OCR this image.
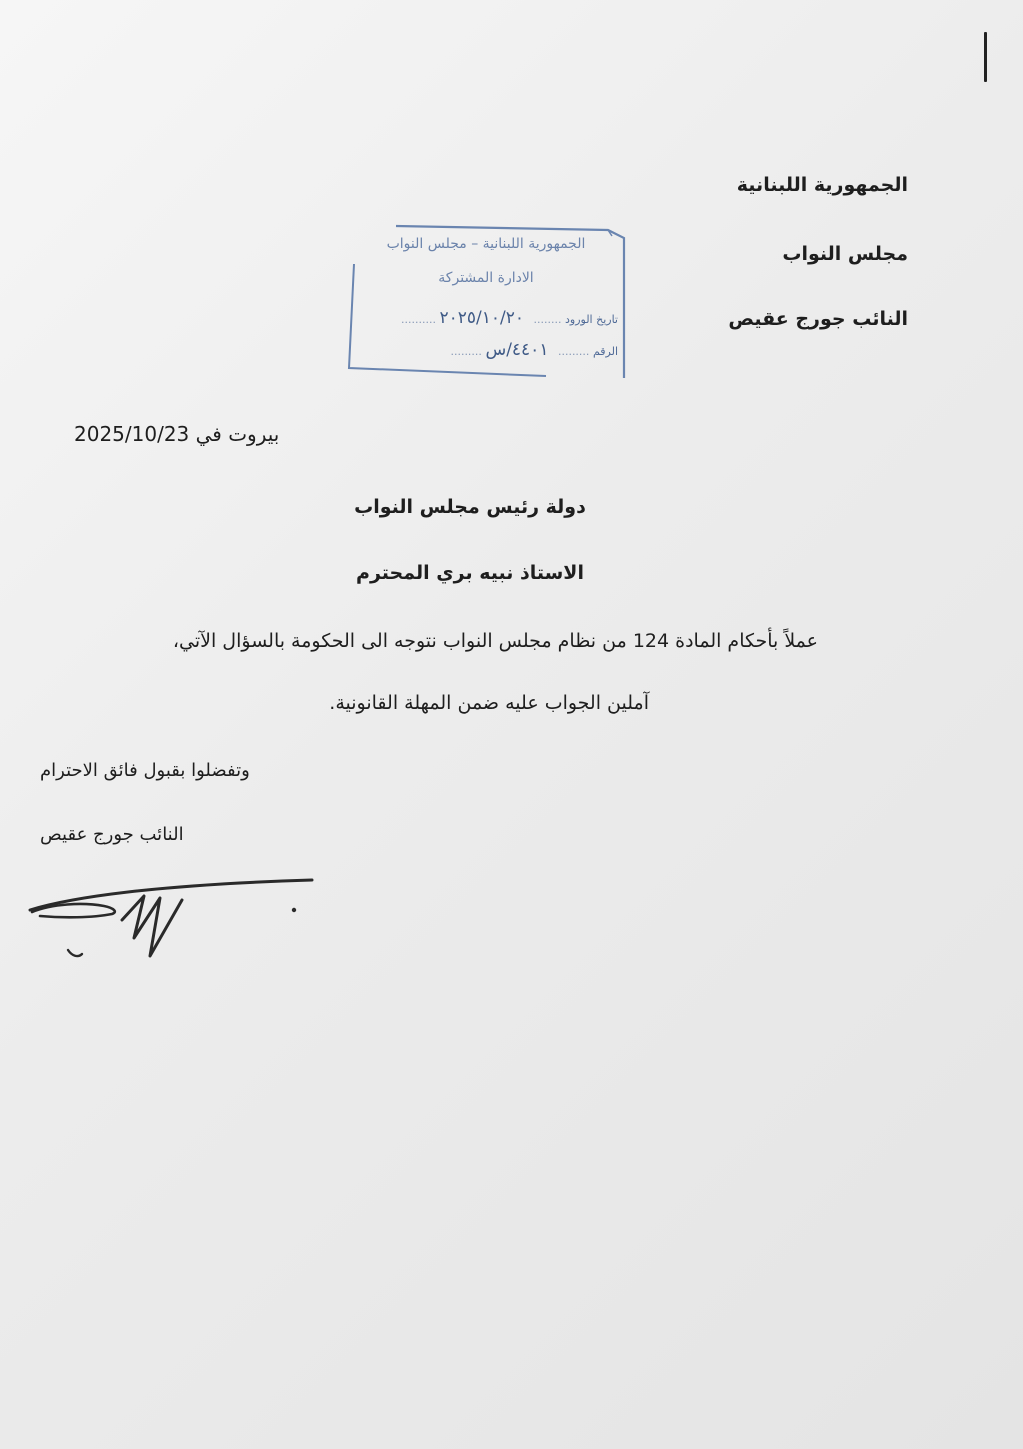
الجمهورية اللبنانية
مجلس النواب
النائب جورج عقيص
الجمهورية اللبنانية – مجلس النواب
الادارة المشتركة
تاريخ الورود ........ ٢٠٢٥/١٠/٢٠ ..........
الرقم ......... ٤٤٠١/س .........
بيروت في 2025/10/23
دولة رئيس مجلس النواب
الاستاذ نبيه بري المحترم
عملاً بأحكام المادة 124 من نظام مجلس النواب نتوجه الى الحكومة بالسؤال الآتي،
آملين الجواب عليه ضمن المهلة القانونية.
وتفضلوا بقبول فائق الاحترام
النائب جورج عقيص
